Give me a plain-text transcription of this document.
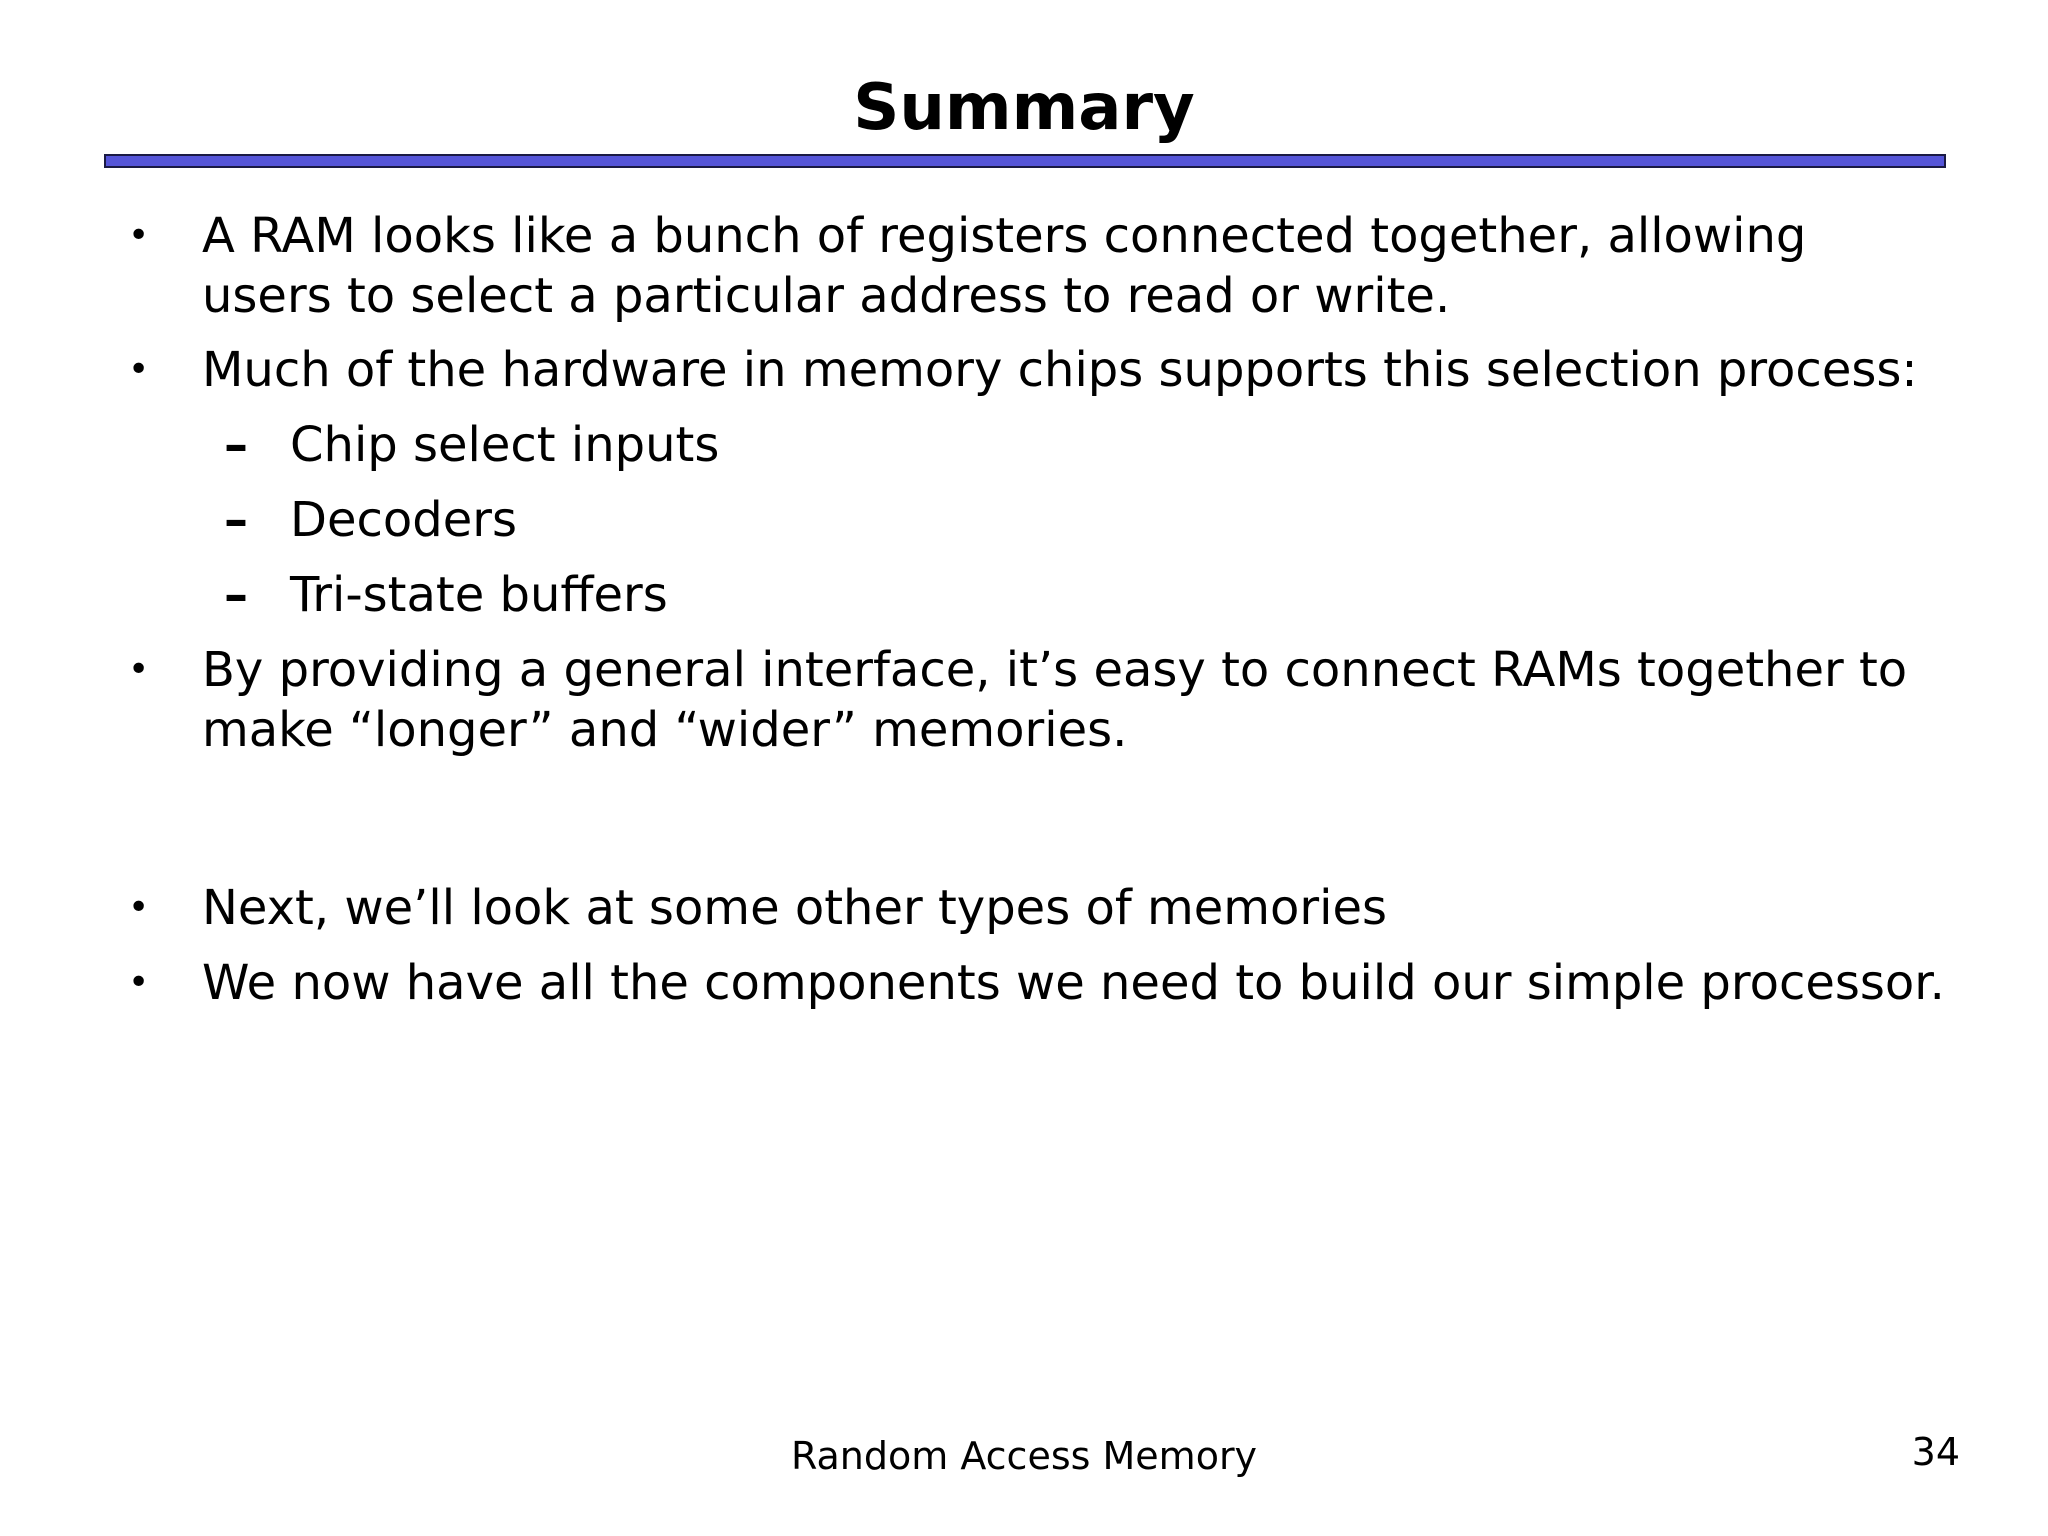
Summary
•	A RAM looks like a bunch of registers connected together, allowing
users to select a particular address to read or write.
•	Much of the hardware in memory chips supports this selection process:
– Chip select inputs
– Decoders
– Tri-state buffers
•	By providing a general interface, it’s easy to connect RAMs together to
make “longer” and “wider” memories.
•	Next, we’ll look at some other types of memories
•	We now have all the components we need to build our simple processor.
Random Access Memory	34
